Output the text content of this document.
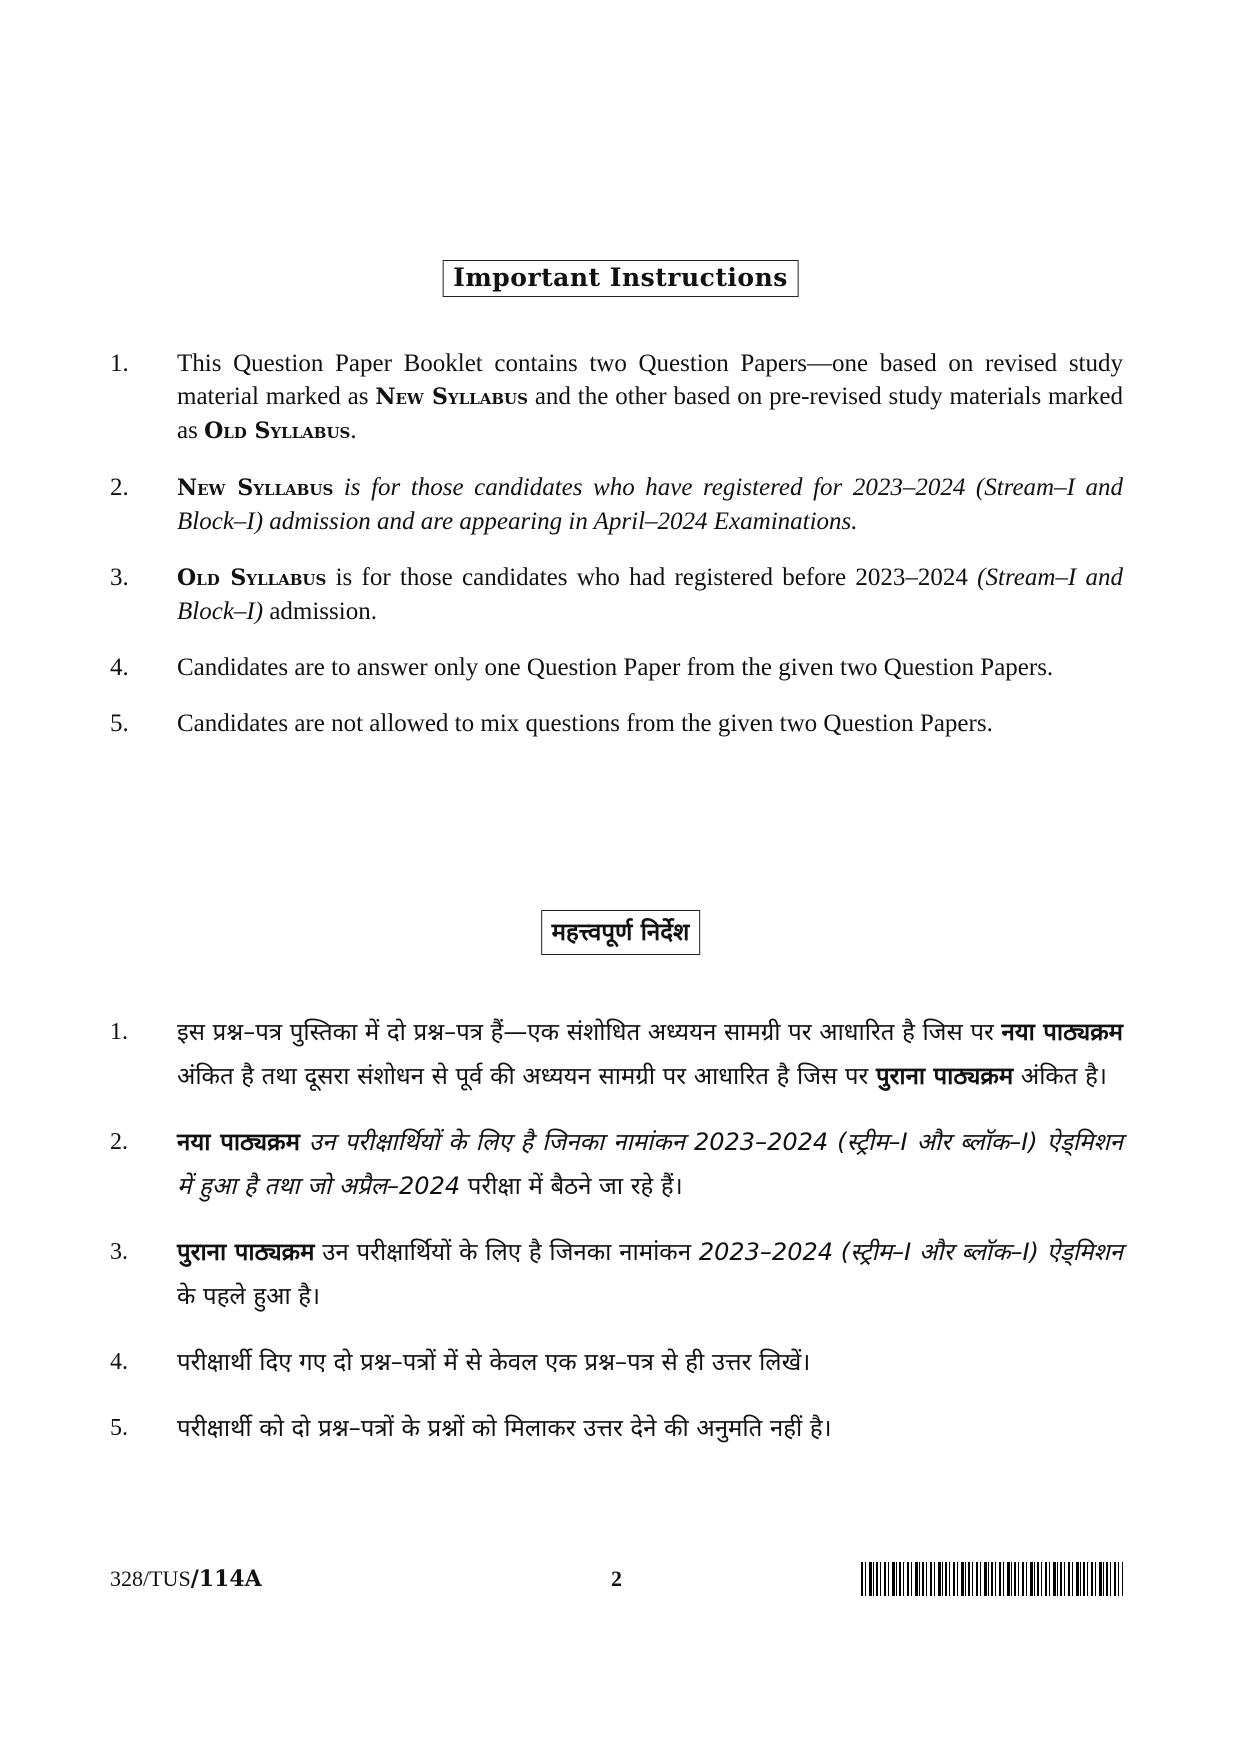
Important Instructions
1.	This Question Paper Booklet contains two Question Papers—one based on revised study material marked as New Syllabus and the other based on pre-revised study materials marked as Old Syllabus.
2.	New Syllabus is for those candidates who have registered for 2023–2024 (Stream–I and Block–I) admission and are appearing in April–2024 Examinations.
3.	Old Syllabus is for those candidates who had registered before 2023–2024 (Stream–I and Block–I) admission.
4.	Candidates are to answer only one Question Paper from the given two Question Papers.
5.	Candidates are not allowed to mix questions from the given two Question Papers.
महत्त्वपूर्ण निर्देश
1.	इस प्रश्न–पत्र पुस्तिका में दो प्रश्न–पत्र हैं—एक संशोधित अध्ययन सामग्री पर आधारित है जिस पर नया पाठ्यक्रम अंकित है तथा दूसरा संशोधन से पूर्व की अध्ययन सामग्री पर आधारित है जिस पर पुराना पाठ्यक्रम अंकित है।
2.	नया पाठ्यक्रम उन परीक्षार्थियों के लिए है जिनका नामांकन 2023–2024 (स्ट्रीम–I और ब्लॉक–I) ऐड्मिशन में हुआ है तथा जो अप्रैल–2024 परीक्षा में बैठने जा रहे हैं।
3.	पुराना पाठ्यक्रम उन परीक्षार्थियों के लिए है जिनका नामांकन 2023–2024 (स्ट्रीम–I और ब्लॉक–I) ऐड्मिशन के पहले हुआ है।
4.	परीक्षार्थी दिए गए दो प्रश्न–पत्रों में से केवल एक प्रश्न–पत्र से ही उत्तर लिखें।
5.	परीक्षार्थी को दो प्रश्न–पत्रों के प्रश्नों को मिलाकर उत्तर देने की अनुमति नहीं है।
328/TUS/114A	2
